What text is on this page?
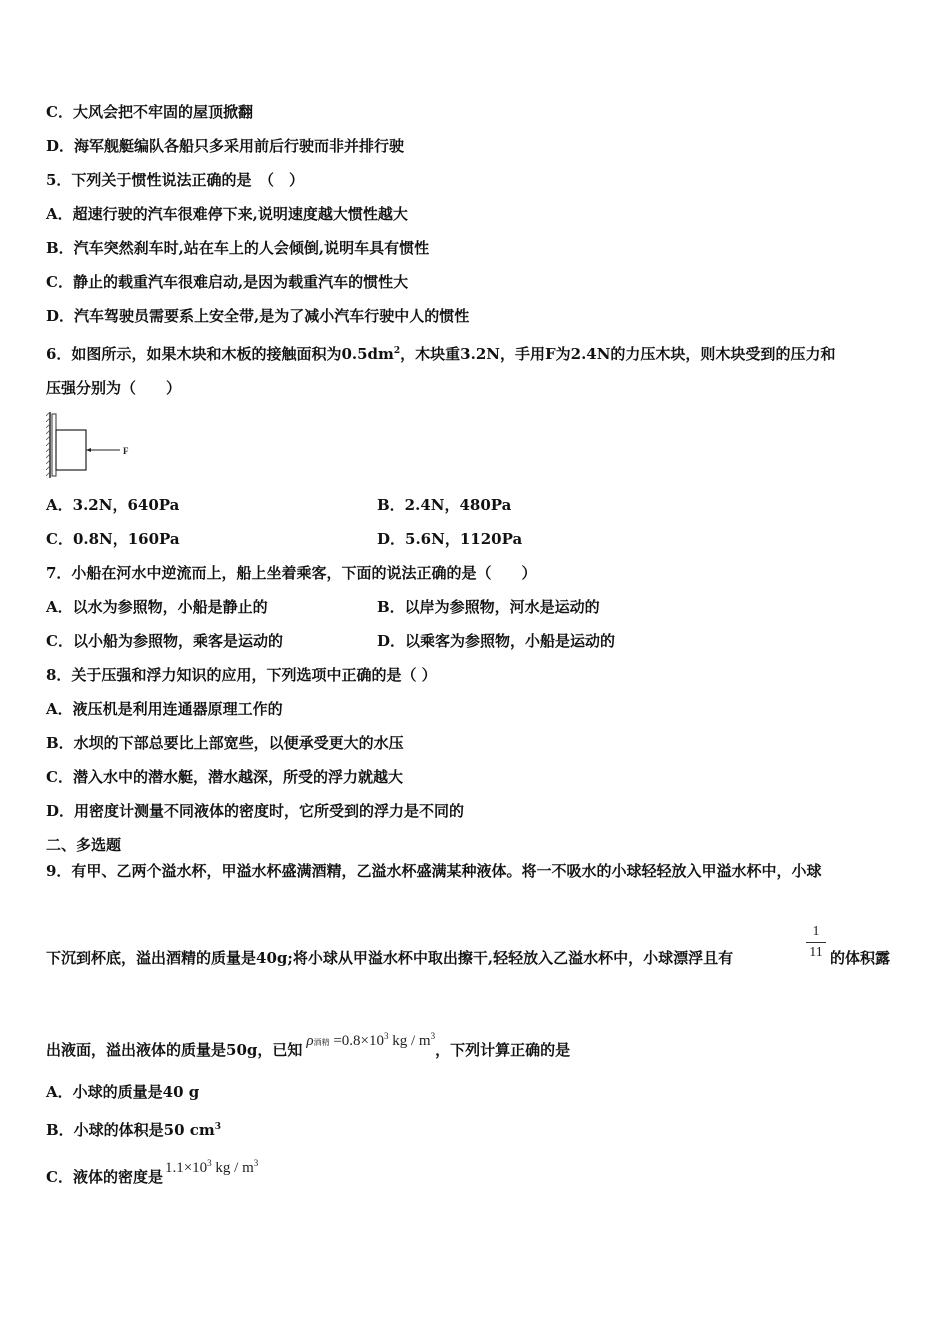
C．大风会把不牢固的屋顶掀翻
D．海军舰艇编队各船只多采用前后行驶而非并排行驶
5．下列关于惯性说法正确的是　（　）
A．超速行驶的汽车很难停下来,说明速度越大惯性越大
B．汽车突然刹车时,站在车上的人会倾倒,说明车具有惯性
C．静止的载重汽车很难启动,是因为载重汽车的惯性大
D．汽车驾驶员需要系上安全带,是为了减小汽车行驶中人的惯性
6．如图所示，如果木块和木板的接触面积为$0.5dm^2$，木块重3.2N，手用F为2.4N的力压木块，则木块受到的压力和
压强分别为（　　）
F
A．3.2N，640Pa	B．2.4N，480Pa
C．0.8N，160Pa	D．5.6N，1120Pa
7．小船在河水中逆流而上，船上坐着乘客，下面的说法正确的是（　　）
A．以水为参照物，小船是静止的	B．以岸为参照物，河水是运动的
C．以小船为参照物，乘客是运动的	D．以乘客为参照物，小船是运动的
8．关于压强和浮力知识的应用，下列选项中正确的是（ ）
A．液压机是利用连通器原理工作的
B．水坝的下部总要比上部宽些，以便承受更大的水压
C．潜入水中的潜水艇，潜水越深，所受的浮力就越大
D．用密度计测量不同液体的密度时，它所受到的浮力是不同的
二、多选题
9．有甲、乙两个溢水杯，甲溢水杯盛满酒精，乙溢水杯盛满某种液体。将一不吸水的小球轻轻放入甲溢水杯中，小球
下沉到杯底，溢出酒精的质量是40g;将小球从甲溢水杯中取出擦干,轻轻放入乙溢水杯中，小球漂浮且有
1
11 的体积露
出液面，溢出液体的质量是50g，已知 ρ酒精 $=0.8\times 10^3$ kg / $m^3$，下列计算正确的是
A．小球的质量是40 g
B．小球的体积是50 $cm^3$
C．液体的密度是 $1.1\times 10^3$ kg / $m^3$
